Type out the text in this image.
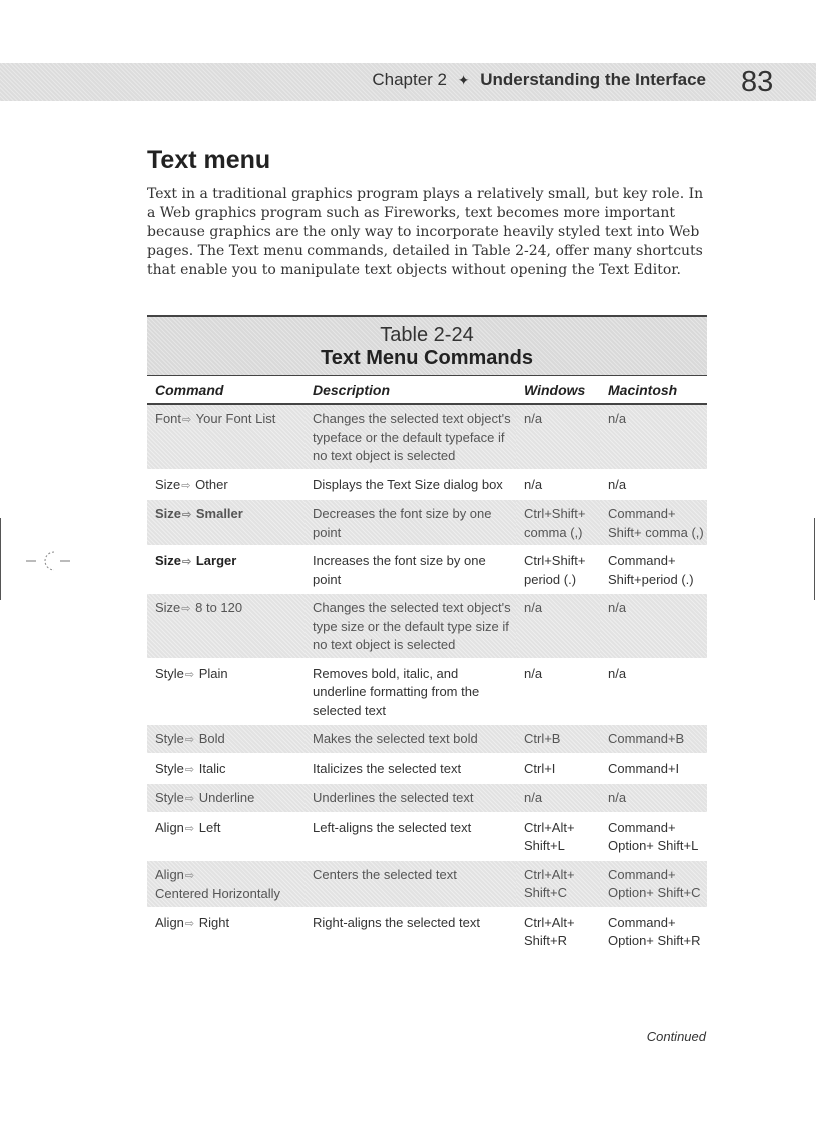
Chapter 2 ✦ Understanding the Interface 83
Text menu

Text in a traditional graphics program plays a relatively small, but key role. In a Web graphics program such as Fireworks, text becomes more important because graphics are the only way to incorporate heavily styled text into Web pages. The Text menu commands, detailed in Table 2-24, offer many shortcuts that enable you to manipulate text objects without opening the Text Editor.

Table 2-24
Text Menu Commands
Command	Description	Windows	Macintosh
Font⇨ Your Font List	Changes the selected text object's typeface or the default typeface if no text object is selected	n/a	n/a
Size⇨ Other	Displays the Text Size dialog box	n/a	n/a
Size⇨ Smaller	Decreases the font size by one point	Ctrl+Shift+ comma (,)	Command+ Shift+ comma (,)
Size⇨ Larger	Increases the font size by one point	Ctrl+Shift+ period (.)	Command+ Shift+period (.)
Size⇨ 8 to 120	Changes the selected text object's type size or the default type size if no text object is selected	n/a	n/a
Style⇨ Plain	Removes bold, italic, and underline formatting from the selected text	n/a	n/a
Style⇨ Bold	Makes the selected text bold	Ctrl+B	Command+B
Style⇨ Italic	Italicizes the selected text	Ctrl+I	Command+I
Style⇨ Underline	Underlines the selected text	n/a	n/a
Align⇨ Left	Left-aligns the selected text	Ctrl+Alt+ Shift+L	Command+ Option+ Shift+L
Align⇨
Centered Horizontally	Centers the selected text	Ctrl+Alt+ Shift+C	Command+ Option+ Shift+C
Align⇨ Right	Right-aligns the selected text	Ctrl+Alt+ Shift+R	Command+ Option+ Shift+R
Continued
